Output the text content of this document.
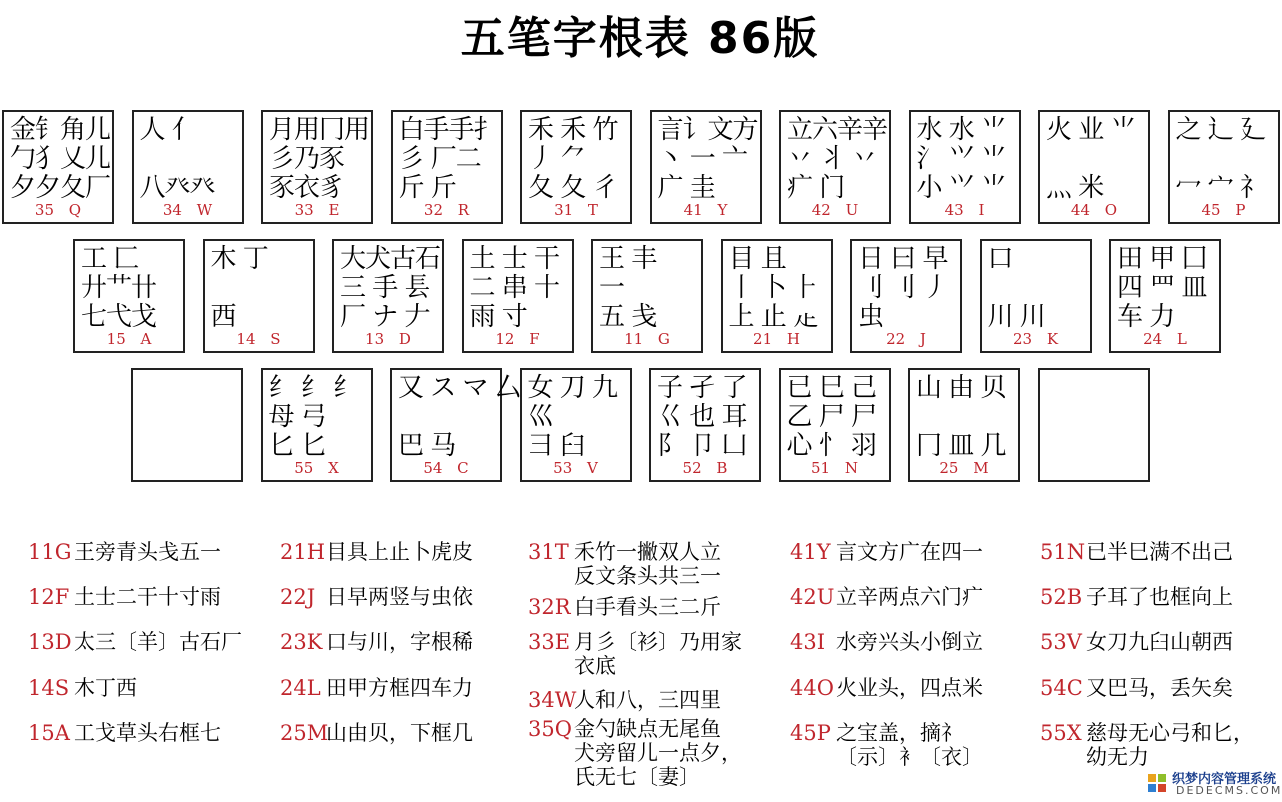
五笔字根表 86版
金钅角儿
勹犭乂儿
夕夕夂厂
35 Q
人 亻
八癶癶
34 W
月用冂用
彡乃豕
豕衣豸
33 E
白手手扌
彡 厂二
斤 斤
32 R
禾 禾 竹
丿 ⺈
夂 夂 彳
31 T
言讠文方
丶 一 亠
广 圭
41 Y
立六辛辛
丷 丬 丷
疒 门
42 U
水 水 ⺌
氵 ⺍ ⺌
小 ⺍ ⺌
43 I
火 业 ⺌
灬 米
44 O
之 辶 廴
冖 宀 礻
45 P
工 匚
廾艹卄
七弋戈
15 A
木 丁
西
14 S
大犬古石
三 手 镸
厂 ナ 𠂇
13 D
土 士 干
二 串 十
雨 寸
12 F
王 丰
一
五 戋
11 G
目 且
丨 卜 ⺊
上 止 龰
21 H
日 曰 早
刂 刂 丿
虫
22 J
口
川 川
23 K
田 甲 囗
四 罒 皿
车 力
24 L
纟 纟 纟
母 弓
匕 匕
55 X
又 ス マ 厶
巴 马
54 C
女 刀 九
巛
彐 臼
53 V
子 孑 了
巜 也 耳
阝 卩 凵
52 B
已 巳 己
乙 尸 尸
心 忄 羽
51 N
山 由 贝
冂 皿 几
25 M
11G 王旁青头戋五一
12F 土士二干十寸雨
13D 太三〔羊〕古石厂
14S 木丁西
15A 工戈草头右框七
21H目具上止卜虎皮
22J 日早两竖与虫依
23K 口与川，字根稀
24L 田甲方框四车力
25M山由贝，下框几
31T 禾竹一撇双人立
反文条头共三一
32R 白手看头三二斤
33E 月彡〔衫〕乃用家
衣底
34W人和八，三四里
35Q金勺缺点无尾鱼
犬旁留儿一点夕，
氏无七〔妻〕
41Y 言文方广在四一
42U立辛两点六门疒
43I 水旁兴头小倒立
44O火业头，四点米
45P 之宝盖，摘礻
〔示〕衤〔衣〕
51N已半巳满不出己
52B 子耳了也框向上
53V 女刀九臼山朝西
54C 又巴马，丢矢矣
55X 慈母无心弓和匕，
幼无力
织梦内容管理系统
DEDECMS.COM
